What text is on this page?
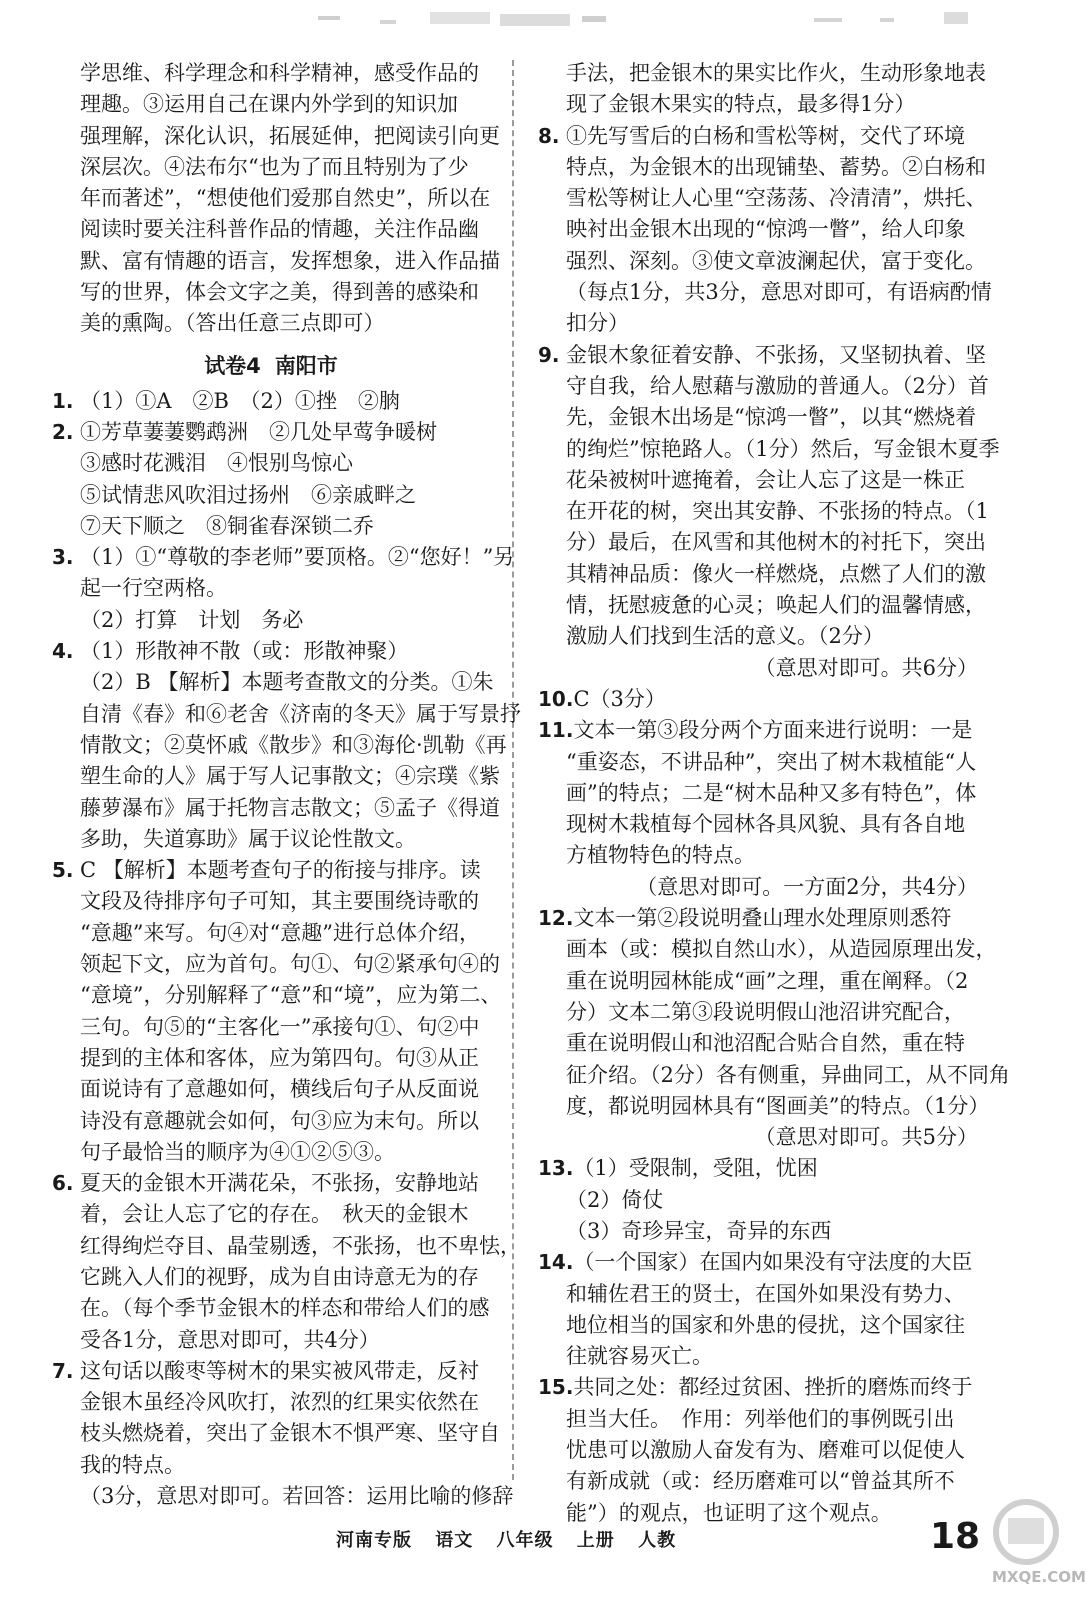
学思维、科学理念和科学精神，感受作品的
理趣。③运用自己在课内外学到的知识加
强理解，深化认识，拓展延伸，把阅读引向更
深层次。④法布尔“也为了而且特别为了少
年而著述”，“想使他们爱那自然史”，所以在
阅读时要关注科普作品的情趣，关注作品幽
默、富有情趣的语言，发挥想象，进入作品描
写的世界，体会文字之美，得到善的感染和
美的熏陶。（答出任意三点即可）
试卷4 南阳市
1. （1）①A　②B　（2）①挫　②朒
2. ①芳草萋萋鹦鹉洲　②几处早莺争暖树
③感时花溅泪　④恨别鸟惊心
⑤试情悲风吹泪过扬州　⑥亲戚畔之
⑦天下顺之　⑧铜雀春深锁二乔
3. （1）①“尊敬的李老师”要顶格。②“您好！”另
起一行空两格。
（2）打算　计划　务必
4. （1）形散神不散（或：形散神聚）
（2）B 【解析】本题考查散文的分类。①朱
自清《春》和⑥老舍《济南的冬天》属于写景抒
情散文；②莫怀戚《散步》和③海伦·凯勒《再
塑生命的人》属于写人记事散文；④宗璞《紫
藤萝瀑布》属于托物言志散文；⑤孟子《得道
多助，失道寡助》属于议论性散文。
5. C 【解析】本题考查句子的衔接与排序。读
文段及待排序句子可知，其主要围绕诗歌的
“意趣”来写。句④对“意趣”进行总体介绍，
领起下文，应为首句。句①、句②紧承句④的
“意境”，分别解释了“意”和“境”，应为第二、
三句。句⑤的“主客化一”承接句①、句②中
提到的主体和客体，应为第四句。句③从正
面说诗有了意趣如何，横线后句子从反面说
诗没有意趣就会如何，句③应为末句。所以
句子最恰当的顺序为④①②⑤③。
6. 夏天的金银木开满花朵，不张扬，安静地站
着，会让人忘了它的存在。　秋天的金银木
红得绚烂夺目、晶莹剔透，不张扬，也不卑怯，
它跳入人们的视野，成为自由诗意无为的存
在。（每个季节金银木的样态和带给人们的感
受各1分，意思对即可，共4分）
7. 这句话以酸枣等树木的果实被风带走，反衬
金银木虽经冷风吹打，浓烈的红果实依然在
枝头燃烧着，突出了金银木不惧严寒、坚守自
我的特点。
（3分，意思对即可。若回答：运用比喻的修辞
手法，把金银木的果实比作火，生动形象地表
现了金银木果实的特点，最多得1分）
8. ①先写雪后的白杨和雪松等树，交代了环境
特点，为金银木的出现铺垫、蓄势。②白杨和
雪松等树让人心里“空荡荡、冷清清”，烘托、
映衬出金银木出现的“惊鸿一瞥”，给人印象
强烈、深刻。③使文章波澜起伏，富于变化。
（每点1分，共3分，意思对即可，有语病酌情
扣分）
9. 金银木象征着安静、不张扬，又坚韧执着、坚
守自我，给人慰藉与激励的普通人。（2分）首
先，金银木出场是“惊鸿一瞥”，以其“燃烧着
的绚烂”惊艳路人。（1分）然后，写金银木夏季
花朵被树叶遮掩着，会让人忘了这是一株正
在开花的树，突出其安静、不张扬的特点。（1
分）最后，在风雪和其他树木的衬托下，突出
其精神品质：像火一样燃烧，点燃了人们的激
情，抚慰疲惫的心灵；唤起人们的温馨情感，
激励人们找到生活的意义。（2分）
（意思对即可。共6分）
10.C（3分）
11.文本一第③段分两个方面来进行说明：一是
“重姿态，不讲品种”，突出了树木栽植能“人
画”的特点；二是“树木品种又多有特色”，体
现树木栽植每个园林各具风貌、具有各自地
方植物特色的特点。
（意思对即可。一方面2分，共4分）
12.文本一第②段说明叠山理水处理原则悉符
画本（或：模拟自然山水），从造园原理出发，
重在说明园林能成“画”之理，重在阐释。（2
分）文本二第③段说明假山池沼讲究配合，
重在说明假山和池沼配合贴合自然，重在特
征介绍。（2分）各有侧重，异曲同工，从不同角
度，都说明园林具有“图画美”的特点。（1分）
（意思对即可。共5分）
13.（1）受限制，受阻，忧困
（2）倚仗
（3）奇珍异宝，奇异的东西
14.（一个国家）在国内如果没有守法度的大臣
和辅佐君王的贤士，在国外如果没有势力、
地位相当的国家和外患的侵扰，这个国家往
往就容易灭亡。
15.共同之处：都经过贫困、挫折的磨炼而终于
担当大任。　作用：列举他们的事例既引出
忧患可以激励人奋发有为、磨难可以促使人
有新成就（或：经历磨难可以“曾益其所不
能”）的观点，也证明了这个观点。
河南专版 语文 八年级 上册 人教	18
MXQE.COM
